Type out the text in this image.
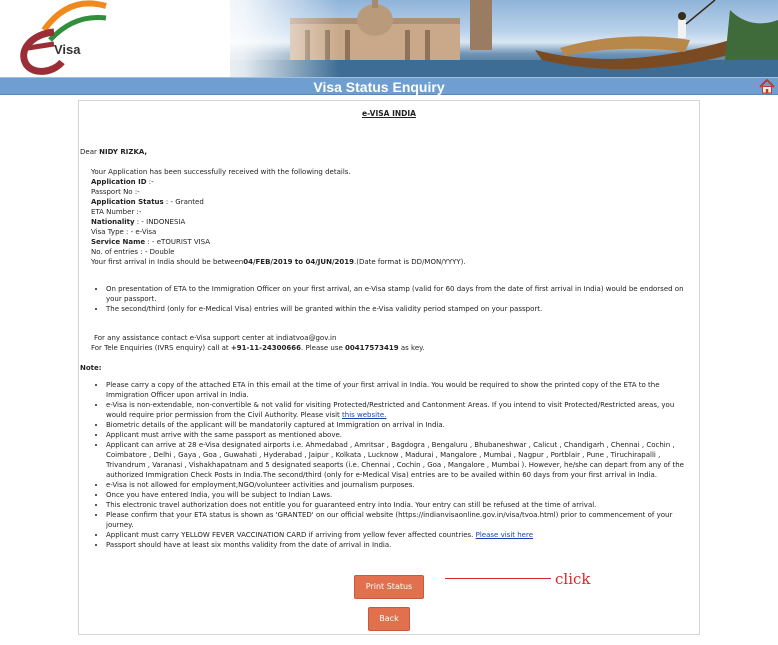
Visa
Visa Status Enquiry
e-VISA INDIA
Dear NIDY RIZKA,
Your Application has been successfully received with the following details.
Application ID :-
Passport No :-
Application Status : - Granted
ETA Number :-
Nationality : - INDONESIA
Visa Type : - e-Visa
Service Name : - eTOURIST VISA
No. of entries : - Double
Your first arrival in India should be between04/FEB/2019 to 04/JUN/2019.(Date format is DD/MON/YYYY).
• On presentation of ETA to the Immigration Officer on your first arrival, an e-Visa stamp (valid for 60 days from the date of first arrival in India) would be endorsed on your passport.
• The second/third (only for e-Medical Visa) entries will be granted within the e-Visa validity period stamped on your passport.
For any assistance contact e-Visa support center at indiatvoa@gov.in
For Tele Enquiries (IVRS enquiry) call at +91-11-24300666. Please use 00417573419 as key.
Note:
• Please carry a copy of the attached ETA in this email at the time of your first arrival in India. You would be required to show the printed copy of the ETA to the Immigration Officer upon arrival in India.
• e-Visa is non-extendable, non-convertible & not valid for visiting Protected/Restricted and Cantonment Areas. If you intend to visit Protected/Restricted areas, you would require prior permission from the Civil Authority. Please visit this website.
• Biometric details of the applicant will be mandatorily captured at Immigration on arrival in India.
• Applicant must arrive with the same passport as mentioned above.
• Applicant can arrive at 28 e-Visa designated airports i.e. Ahmedabad , Amritsar , Bagdogra , Bengaluru , Bhubaneshwar , Calicut , Chandigarh , Chennai , Cochin , Coimbatore , Delhi , Gaya , Goa , Guwahati , Hyderabad , Jaipur , Kolkata , Lucknow , Madurai , Mangalore , Mumbai , Nagpur , Portblair , Pune , Tiruchirapalli , Trivandrum , Varanasi , Vishakhapatnam and 5 designated seaports (i.e. Chennai , Cochin , Goa , Mangalore , Mumbai ). However, he/she can depart from any of the authorized Immigration Check Posts in India.The second/third (only for e-Medical Visa) entries are to be availed within 60 days from your first arrival in India.
• e-Visa is not allowed for employment,NGO/volunteer activities and journalism purposes.
• Once you have entered India, you will be subject to Indian Laws.
• This electronic travel authorization does not entitle you for guaranteed entry into India. Your entry can still be refused at the time of arrival.
• Please confirm that your ETA status is shown as 'GRANTED' on our official website (https://indianvisaonline.gov.in/visa/tvoa.html) prior to commencement of your journey.
• Applicant must carry YELLOW FEVER VACCINATION CARD if arriving from yellow fever affected countries. Please visit here
• Passport should have at least six months validity from the date of arrival in India.
Print Status
Back
click
